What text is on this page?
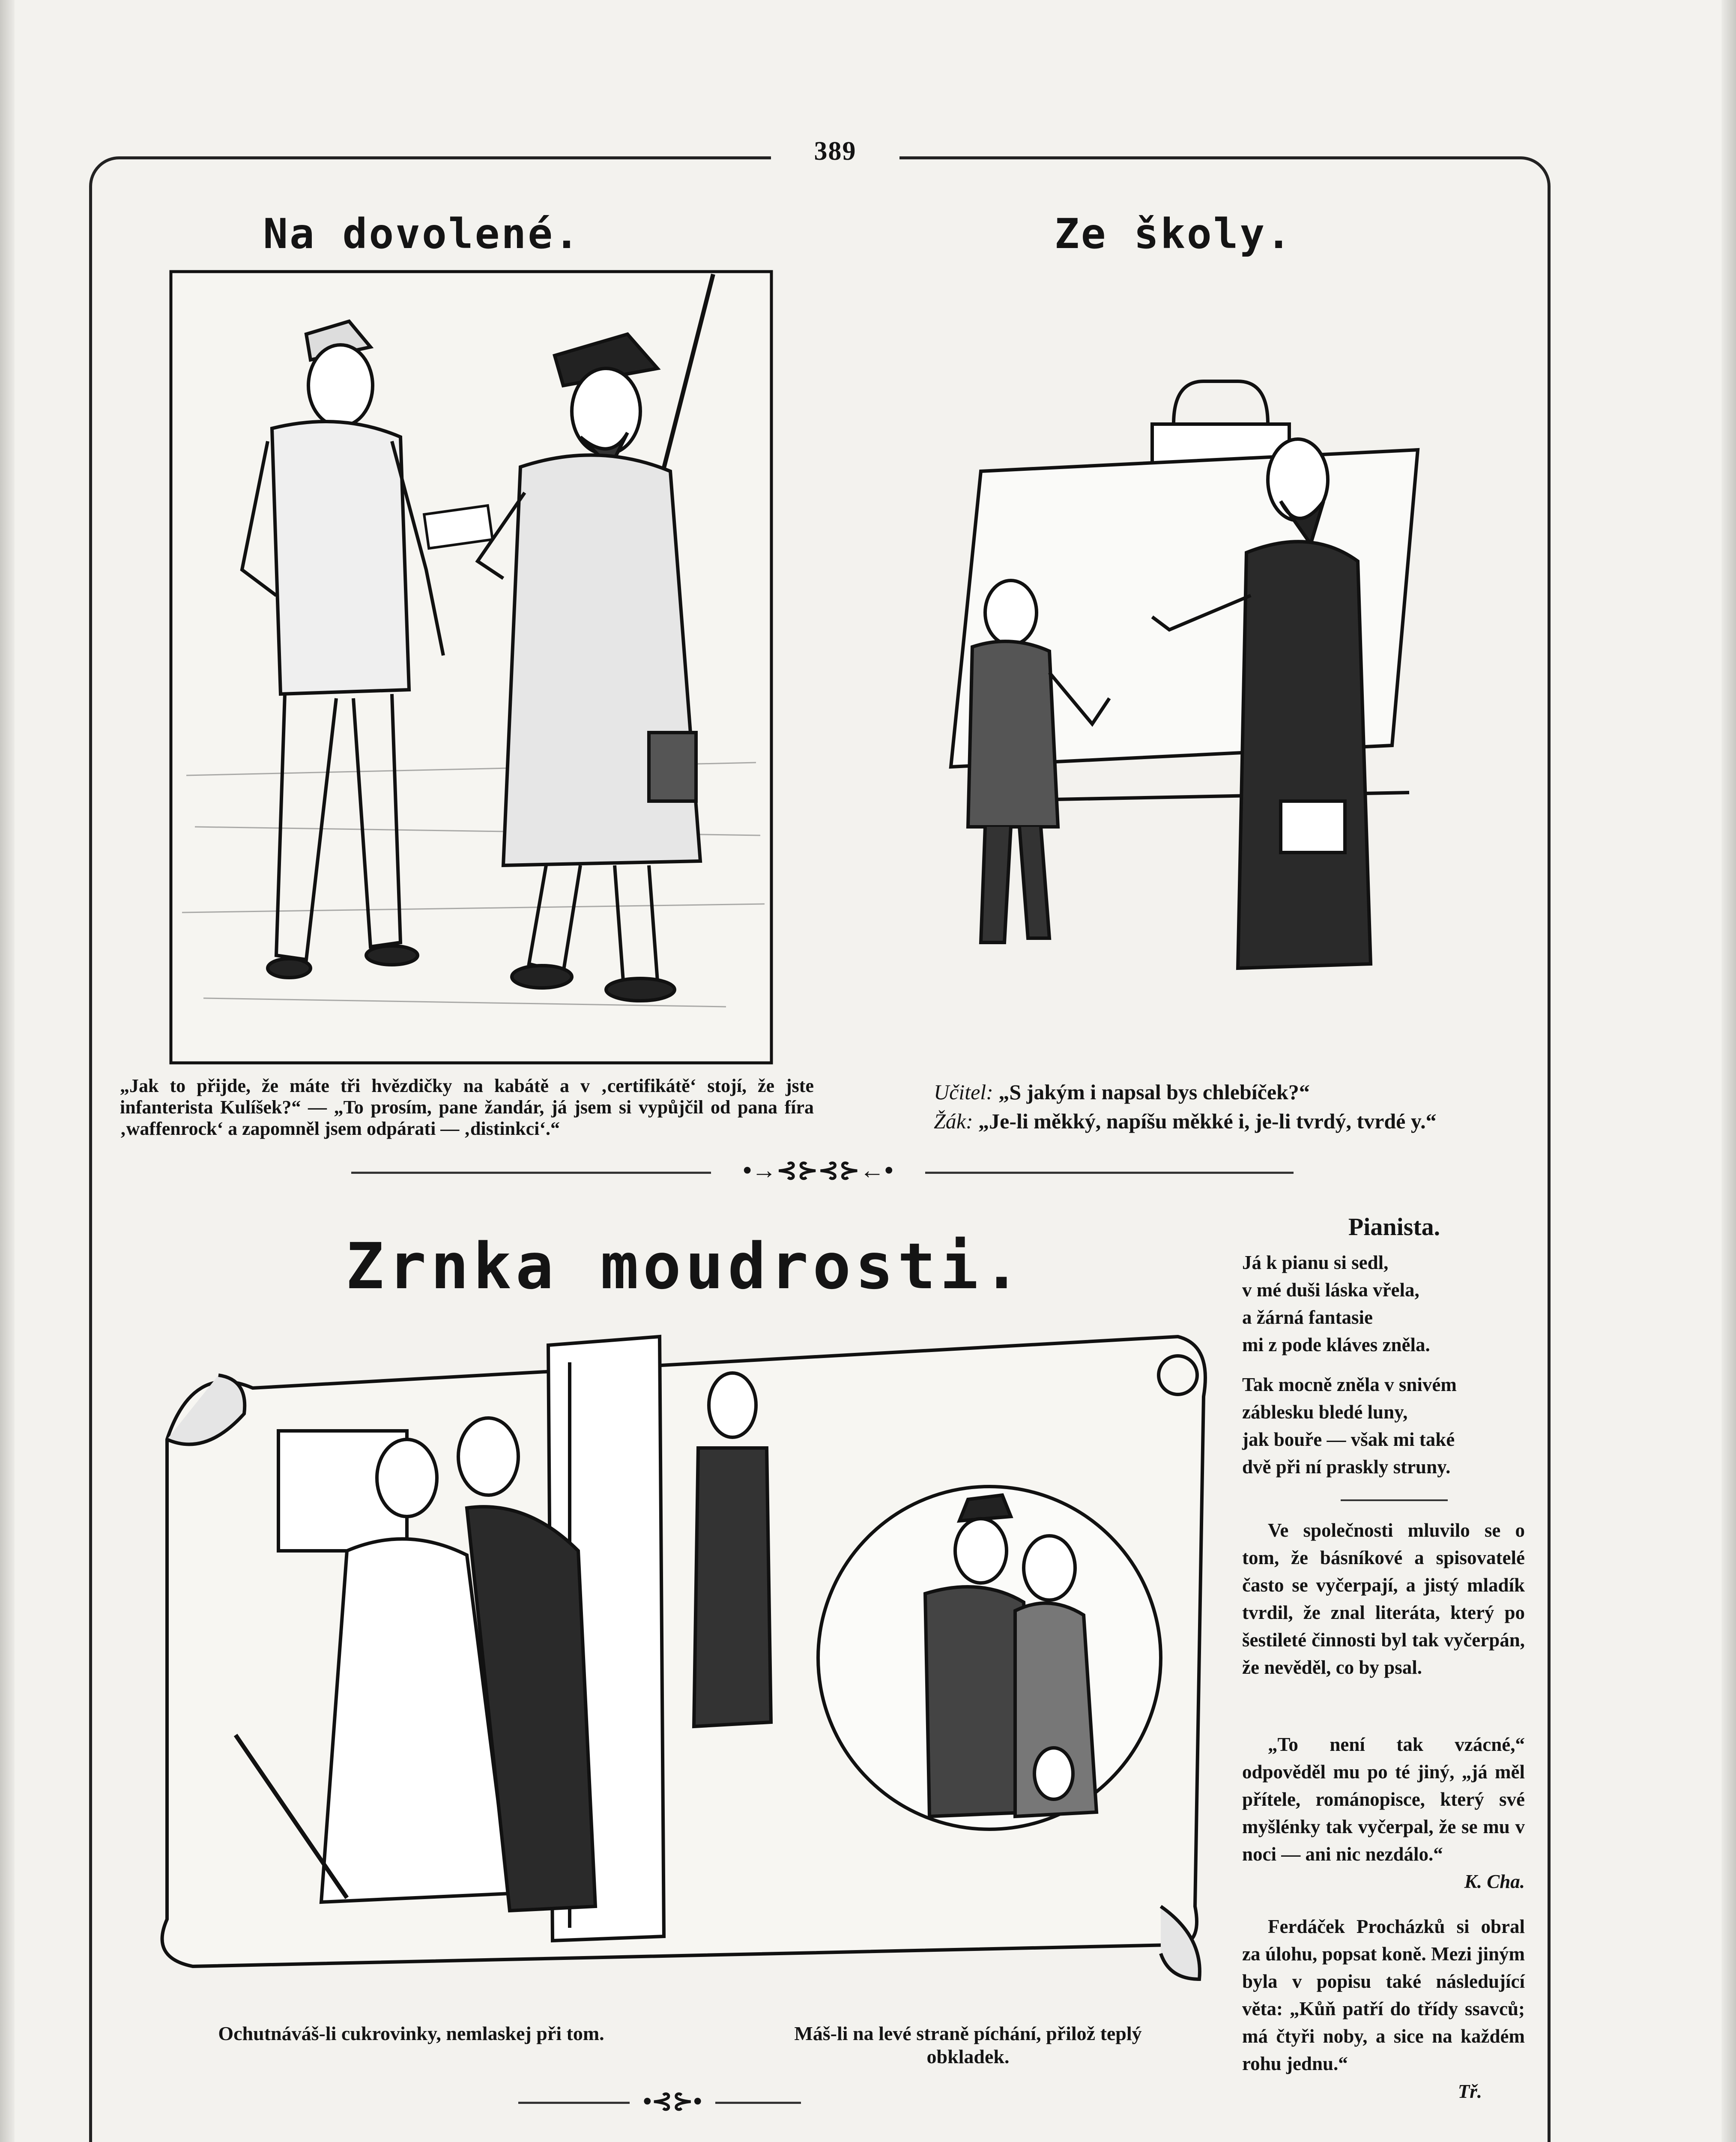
389
Na dovolené.	Ze školy.

„Jak to přijde, že máte tři hvězdičky na kabátě a v ‚certifikátě‘ stojí, že jste infanterista Kulíšek?“ — „To prosím, pane žandár, já jsem si vypůjčil od pana fíra ‚waffenrock‘ a zapomněl jsem odpárati — ‚distinkci‘.“

Učitel: „S jakým i napsal bys chlebíček?“
Žák: „Je-li měkký, napíšu měkké i, je-li tvrdý, tvrdé y.“

•→⊰⊱⊰⊱←•
Zrnka moudrosti.

Ochutnáváš-li cukrovinky, nemlaskej při tom.	Máš-li na levé straně píchání, přilož teplý obkladek.

•⊰⊱•
Pianista.

Já k pianu si sedl,
v mé duši láska vřela,
a žárná fantasie
mi z pode kláves zněla.

Tak mocně zněla v snivém
záblesku bledé luny,
jak bouře — však mi také
dvě při ní praskly struny.

Ve společnosti mluvilo se o tom, že básníkové a spisovatelé často se vyčerpají, a jistý mladík tvrdil, že znal literáta, který po šestileté činnosti byl tak vyčerpán, že nevěděl, co by psal.

„To není tak vzácné,“ odpověděl mu po té jiný, „já měl přítele, románopisce, který své myšlénky tak vyčerpal, že se mu v noci — ani nic nezdálo.“

K. Cha.

Ferdáček Procházků si obral za úlohu, popsat koně. Mezi jiným byla v popisu také následující věta: „Kůň patří do třídy ssavců; má čtyři noby, a sice na každém rohu jednu.“

Tř.
